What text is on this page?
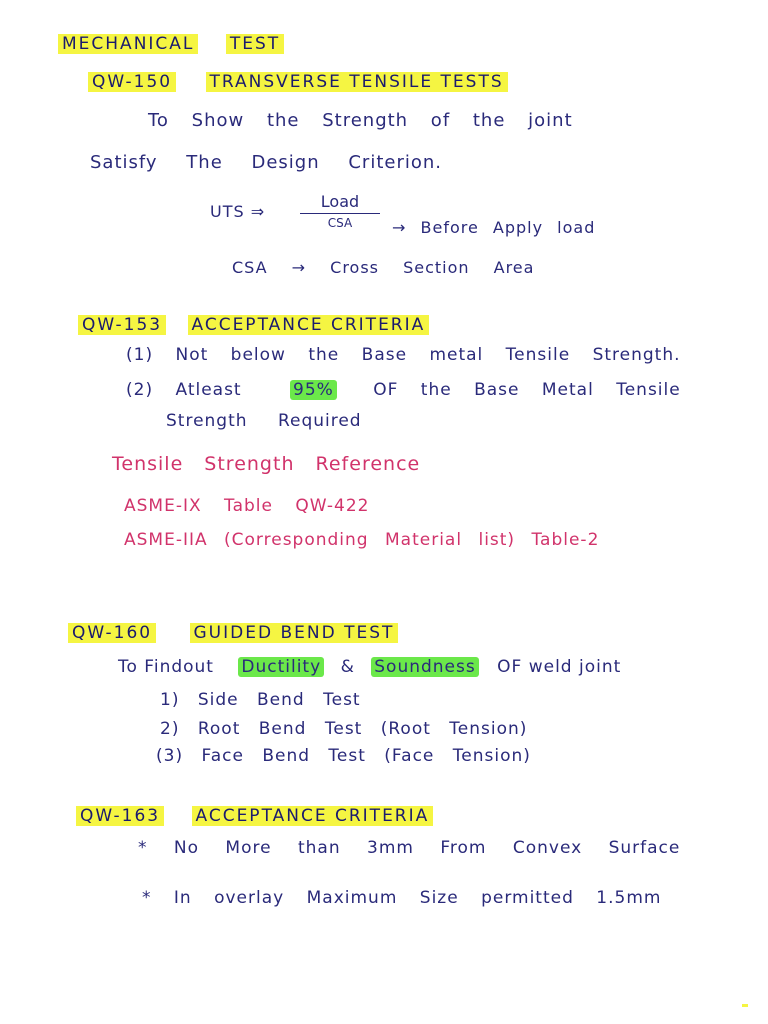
MECHANICAL TEST
QW-150 TRANSVERSE TENSILE TESTS
To Show the Strength of the joint
Satisfy The Design Criterion.
UTS ⇒
Load
CSA	→ Before Apply load
CSA → Cross Section Area
QW-153 ACCEPTANCE CRITERIA
(1) Not below the Base metal Tensile Strength.
(2) Atleast	95% OF the Base Metal Tensile
Strength Required
Tensile Strength Reference
ASME-IX Table QW-422
ASME-IIA (Corresponding Material list) Table-2
QW-160 GUIDED BEND TEST
To Findout Ductility & Soundness OF weld joint
1) Side Bend Test
2) Root Bend Test (Root Tension)
(3) Face Bend Test (Face Tension)
QW-163 ACCEPTANCE CRITERIA
* No More than 3mm From Convex Surface
* In overlay Maximum Size permitted 1.5mm
